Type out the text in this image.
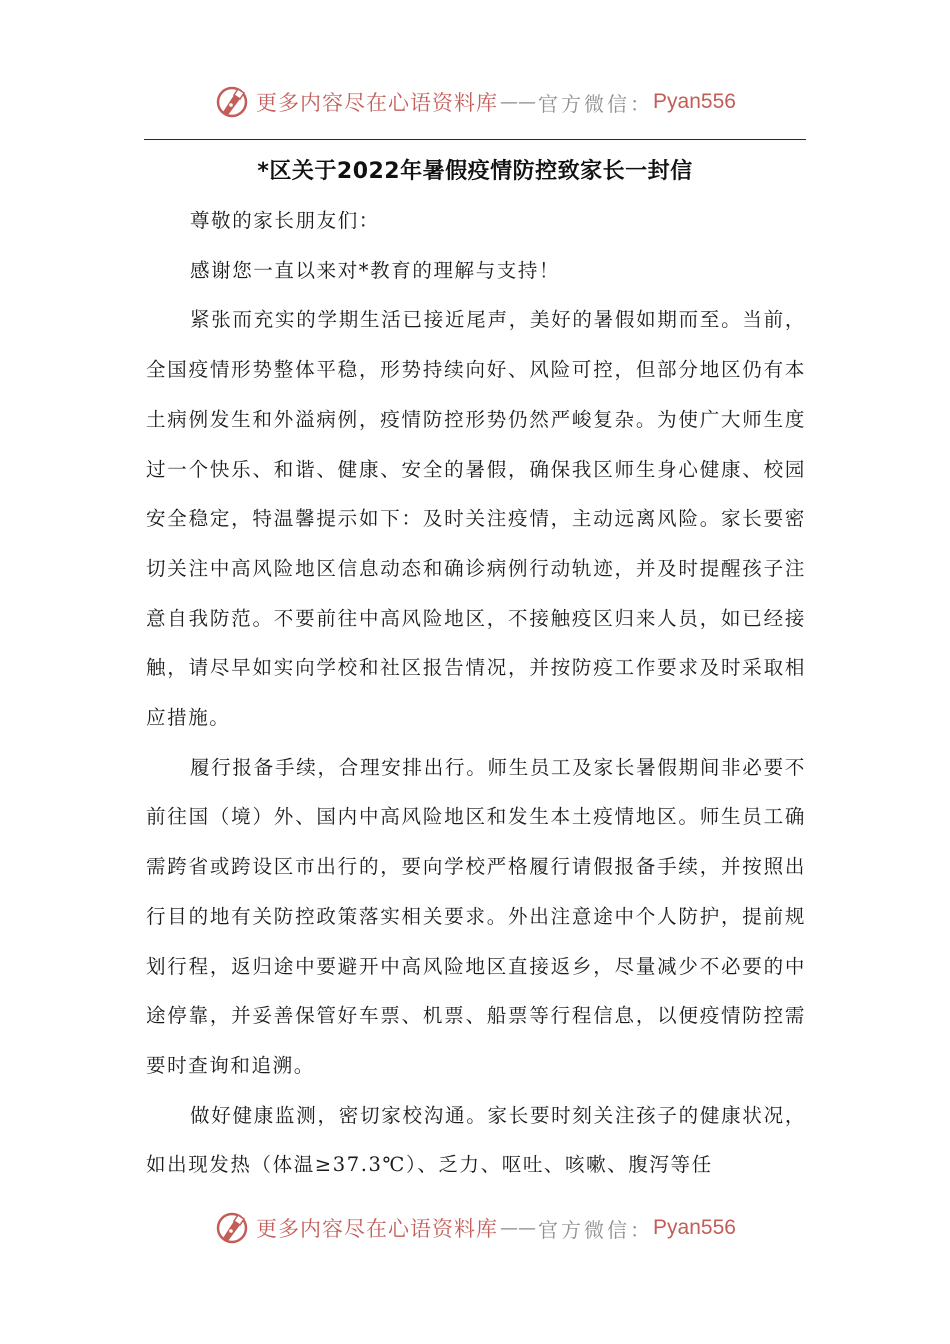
更多内容尽在心语资料库 —— 官方微信： Pyan556
*区关于2022年暑假疫情防控致家长一封信

尊敬的家长朋友们：

感谢您一直以来对*教育的理解与支持！

紧张而充实的学期生活已接近尾声，美好的暑假如期而至。当前，全国疫情形势整体平稳，形势持续向好、风险可控，但部分地区仍有本土病例发生和外溢病例，疫情防控形势仍然严峻复杂。为使广大师生度过一个快乐、和谐、健康、安全的暑假，确保我区师生身心健康、校园安全稳定，特温馨提示如下：及时关注疫情，主动远离风险。家长要密切关注中高风险地区信息动态和确诊病例行动轨迹，并及时提醒孩子注意自我防范。不要前往中高风险地区，不接触疫区归来人员，如已经接触，请尽早如实向学校和社区报告情况，并按防疫工作要求及时采取相应措施。

履行报备手续，合理安排出行。师生员工及家长暑假期间非必要不前往国（境）外、国内中高风险地区和发生本土疫情地区。师生员工确需跨省或跨设区市出行的，要向学校严格履行请假报备手续，并按照出行目的地有关防控政策落实相关要求。外出注意途中个人防护，提前规划行程，返归途中要避开中高风险地区直接返乡，尽量减少不必要的中途停靠，并妥善保管好车票、机票、船票等行程信息，以便疫情防控需要时查询和追溯。

做好健康监测，密切家校沟通。家长要时刻关注孩子的健康状况，如出现发热（体温≥37.3℃）、乏力、呕吐、咳嗽、腹泻等任

更多内容尽在心语资料库 —— 官方微信： Pyan556
